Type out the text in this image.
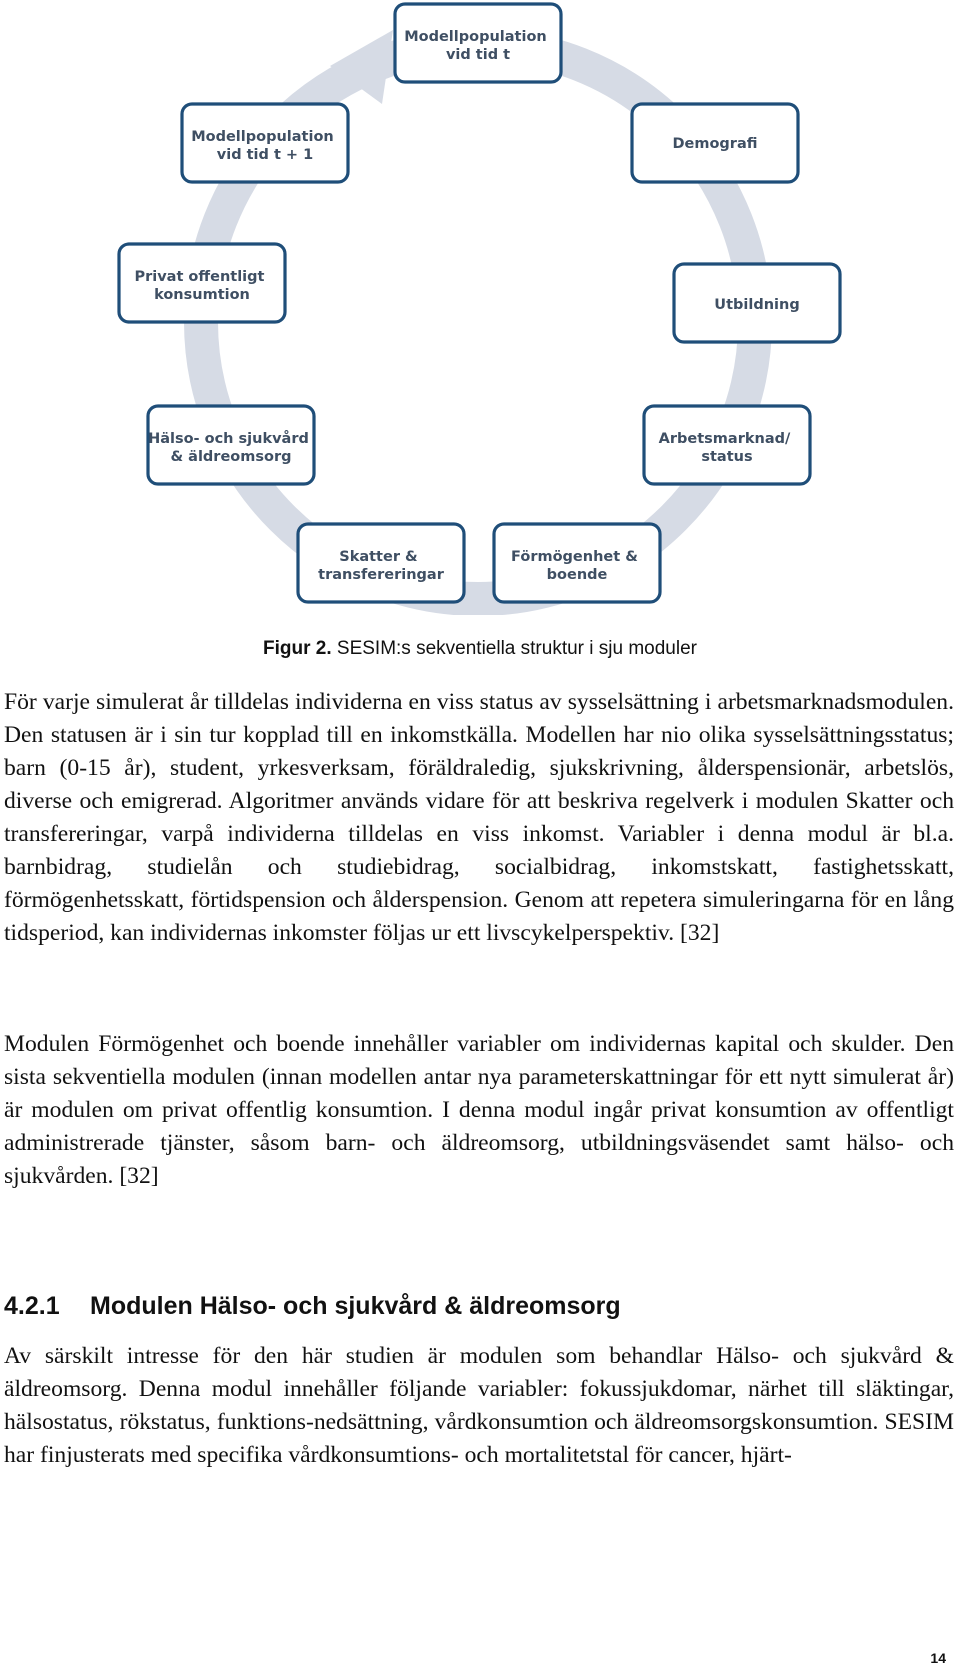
Modellpopulation vid tid t
Demografi
Utbildning
Arbetsmarknad/ status
Förmögenhet & boende
Skatter & transfereringar
Hälso- och sjukvård & äldreomsorg
Privat offentligt konsumtion
Modellpopulation vid tid t + 1
Figur 2. SESIM:s sekventiella struktur i sju moduler

För varje simulerat år tilldelas individerna en viss status av sysselsättning i arbetsmarknadsmodulen. Den statusen är i sin tur kopplad till en inkomstkälla. Modellen har nio olika sysselsättningsstatus; barn (0-15 år), student, yrkesverksam, föräldraledig, sjukskrivning, ålderspensionär, arbetslös, diverse och emigrerad. Algoritmer används vidare för att beskriva regelverk i modulen Skatter och transfereringar, varpå individerna tilldelas en viss inkomst. Variabler i denna modul är bl.a. barnbidrag, studielån och studiebidrag, socialbidrag, inkomstskatt, fastighetsskatt, förmögenhetsskatt, förtidspension och ålderspension. Genom att repetera simuleringarna för en lång tidsperiod, kan individernas inkomster följas ur ett livscykelperspektiv. [32]

Modulen Förmögenhet och boende innehåller variabler om individernas kapital och skulder. Den sista sekventiella modulen (innan modellen antar nya parameterskattningar för ett nytt simulerat år) är modulen om privat offentlig konsumtion. I denna modul ingår privat konsumtion av offentligt administrerade tjänster, såsom barn- och äldreomsorg, utbildningsväsendet samt hälso- och sjukvården. [32]

4.2.1 Modulen Hälso- och sjukvård & äldreomsorg

Av särskilt intresse för den här studien är modulen som behandlar Hälso- och sjukvård & äldreomsorg. Denna modul innehåller följande variabler: fokussjukdomar, närhet till släktingar, hälsostatus, rökstatus, funktions-nedsättning, vårdkonsumtion och äldreomsorgskonsumtion. SESIM har finjusterats med specifika vårdkonsumtions- och mortalitetstal för cancer, hjärt-

14
